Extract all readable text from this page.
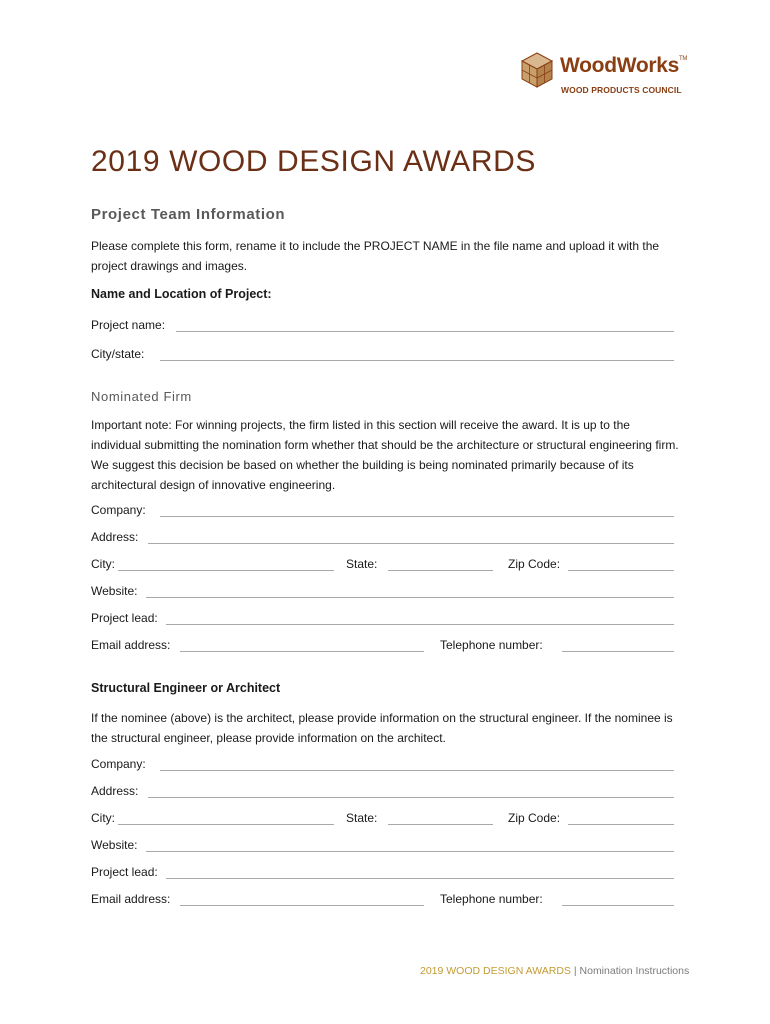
WoodWorks™
WOOD PRODUCTS COUNCIL
2019 WOOD DESIGN AWARDS
Project Team Information
Please complete this form, rename it to include the PROJECT NAME in the file name and upload it with the project drawings and images.
Name and Location of Project:
Project name:
City/state:
Nominated Firm
Important note: For winning projects, the firm listed in this section will receive the award. It is up to the individual submitting the nomination form whether that should be the architecture or structural engineering firm. We suggest this decision be based on whether the building is being nominated primarily because of its architectural design of innovative engineering.
Company:
Address:
City:	State:	Zip Code:
Website:
Project lead:
Email address:	Telephone number:
Structural Engineer or Architect
If the nominee (above) is the architect, please provide information on the structural engineer. If the nominee is the structural engineer, please provide information on the architect.
Company:
Address:
City:	State:	Zip Code:
Website:
Project lead:
Email address:	Telephone number:
2019 WOOD DESIGN AWARDS | Nomination Instructions
